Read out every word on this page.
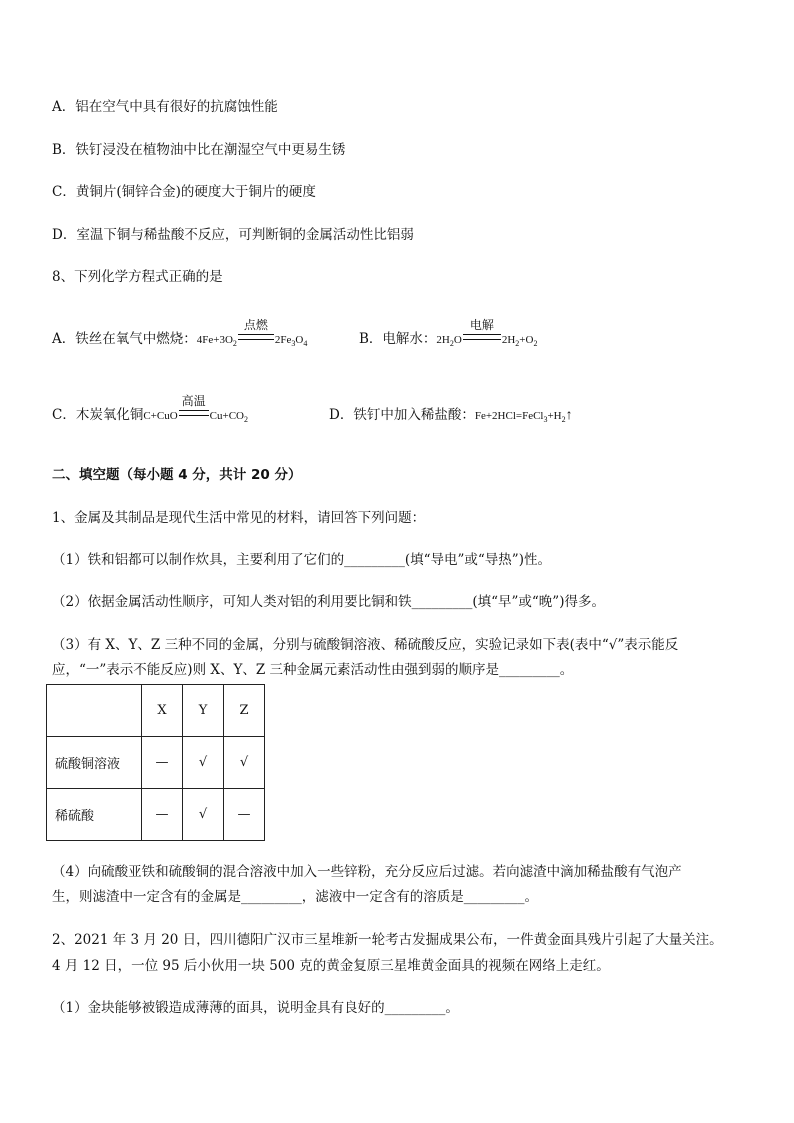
A．铝在空气中具有很好的抗腐蚀性能
B．铁钉浸没在植物油中比在潮湿空气中更易生锈
C．黄铜片(铜锌合金)的硬度大于铜片的硬度
D．室温下铜与稀盐酸不反应，可判断铜的金属活动性比铝弱
8、下列化学方程式正确的是
A．铁丝在氧气中燃烧：$4Fe+3O_2$
点燃
$2Fe_3O_4$	B．电解水：$2H_2O$
电解
$2H_2+O_2$
C．木炭氧化铜C+CuO
高温
$Cu+CO_2$	D．铁钉中加入稀盐酸：$Fe+2HCl=FeCl_3+H_2↑$
二、填空题（每小题 4 分，共计 20 分）
1、金属及其制品是现代生活中常见的材料，请回答下列问题：
（1）铁和铝都可以制作炊具，主要利用了它们的_________(填“导电”或“导热”)性。
（2）依据金属活动性顺序，可知人类对铝的利用要比铜和铁_________(填“早”或“晚”)得多。
（3）有 X、Y、Z 三种不同的金属，分别与硫酸铜溶液、稀硫酸反应，实验记录如下表(表中“√”表示能反
应，“一”表示不能反应)则 X、Y、Z 三种金属元素活动性由强到弱的顺序是_________。
	X	Y	Z
硫酸铜溶液	—	√	√
稀硫酸	—	√	—
（4）向硫酸亚铁和硫酸铜的混合溶液中加入一些锌粉，充分反应后过滤。若向滤渣中滴加稀盐酸有气泡产
生，则滤渣中一定含有的金属是_________，滤液中一定含有的溶质是_________。
2、2021 年 3 月 20 日，四川德阳广汉市三星堆新一轮考古发掘成果公布，一件黄金面具残片引起了大量关注。
4 月 12 日，一位 95 后小伙用一块 500 克的黄金复原三星堆黄金面具的视频在网络上走红。
（1）金块能够被锻造成薄薄的面具，说明金具有良好的_________。
